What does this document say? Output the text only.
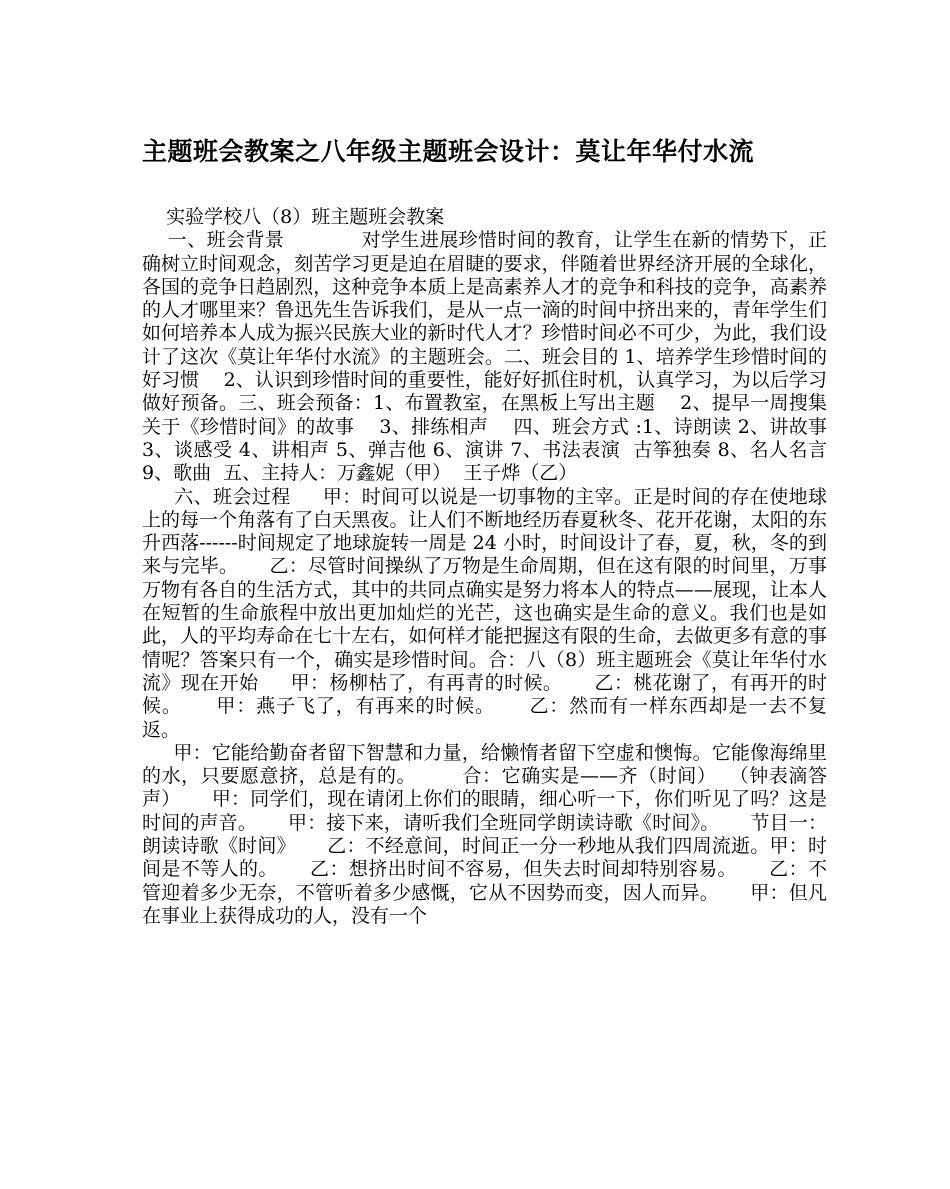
主题班会教案之八年级主题班会设计：莫让年华付水流
实验学校八（8）班主题班会教案
一、班会背景            对学生进展珍惜时间的教育，让学生在新的情势下，正确树立时间观念，刻苦学习更是迫在眉睫的要求，伴随着世界经济开展的全球化，各国的竞争日趋剧烈，这种竞争本质上是高素养人才的竞争和科技的竞争，高素养的人才哪里来？鲁迅先生告诉我们，是从一点一滴的时间中挤出来的，青年学生们如何培养本人成为振兴民族大业的新时代人才？珍惜时间必不可少，为此，我们设计了这次《莫让年华付水流》的主题班会。二、班会目的 1、培养学生珍惜时间的好习惯    2、认识到珍惜时间的重要性，能好好抓住时机，认真学习，为以后学习做好预备。三、班会预备：1、布置教室，在黑板上写出主题    2、提早一周搜集关于《珍惜时间》的故事    3、排练相声    四、班会方式 :1、诗朗读 2、讲故事 3、谈感受 4、讲相声 5、弹吉他 6、演讲 7、书法表演  古筝独奏 8、名人名言 9、歌曲  五、主持人：万鑫妮（甲）  王子烨（乙）
六、班会过程     甲：时间可以说是一切事物的主宰。正是时间的存在使地球上的每一个角落有了白天黑夜。让人们不断地经历春夏秋冬、花开花谢，太阳的东升西落------时间规定了地球旋转一周是 24 小时，时间设计了春，夏，秋，冬的到来与完毕。     乙：尽管时间操纵了万物是生命周期，但在这有限的时间里，万事万物有各自的生活方式，其中的共同点确实是努力将本人的特点——展现，让本人在短暂的生命旅程中放出更加灿烂的光芒，这也确实是生命的意义。我们也是如此，人的平均寿命在七十左右，如何样才能把握这有限的生命，去做更多有意的事情呢？答案只有一个，确实是珍惜时间。合：八（8）班主题班会《莫让年华付水流》现在开始     甲：杨柳枯了，有再青的时候。     乙：桃花谢了，有再开的时候。     甲：燕子飞了，有再来的时候。     乙：然而有一样东西却是一去不复返。
甲：它能给勤奋者留下智慧和力量，给懒惰者留下空虚和懊悔。它能像海绵里的水，只要愿意挤，总是有的。       合：它确实是——齐（时间）  （钟表滴答声）     甲：同学们，现在请闭上你们的眼睛，细心听一下，你们听见了吗？这是时间的声音。     甲：接下来，请听我们全班同学朗读诗歌《时间》。     节目一：朗读诗歌《时间》     乙：不经意间，时间正一分一秒地从我们四周流逝。甲：时间是不等人的。     乙：想挤出时间不容易，但失去时间却特别容易。     乙：不管迎着多少无奈，不管听着多少感慨，它从不因势而变，因人而异。     甲：但凡在事业上获得成功的人，没有一个
